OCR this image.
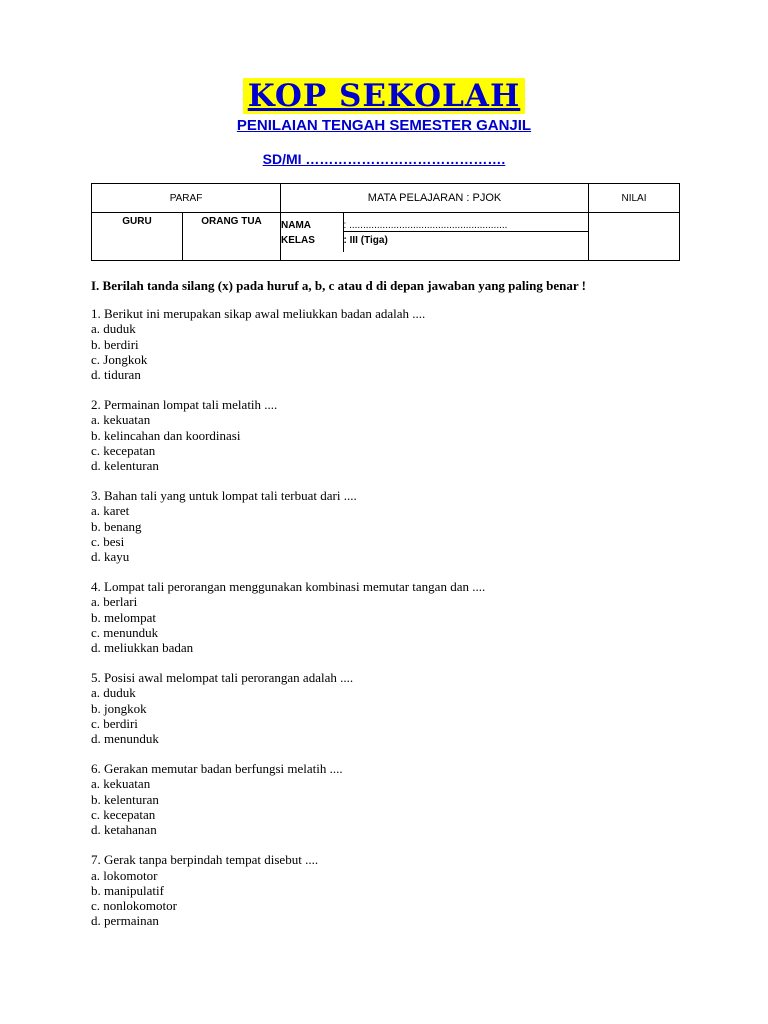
KOP SEKOLAH
PENILAIAN TENGAH SEMESTER GANJIL
SD/MI …………………………………….
PARAF	MATA PELAJARAN : PJOK	NILAI
GURU	ORANG TUA	NAMA	: .........................................................
KELAS	: III (Tiga)

I. Berilah tanda silang (x) pada huruf a, b, c atau d di depan jawaban yang paling benar !
1. Berikut ini merupakan sikap awal meliukkan badan adalah ....
a. duduk
b. berdiri
c. Jongkok
d. tiduran
2. Permainan lompat tali melatih ....
a. kekuatan
b. kelincahan dan koordinasi
c. kecepatan
d. kelenturan
3. Bahan tali yang untuk lompat tali terbuat dari ....
a. karet
b. benang
c. besi
d. kayu
4. Lompat tali perorangan menggunakan kombinasi memutar tangan dan ....
a. berlari
b. melompat
c. menunduk
d. meliukkan badan
5. Posisi awal melompat tali perorangan adalah ....
a. duduk
b. jongkok
c. berdiri
d. menunduk
6. Gerakan memutar badan berfungsi melatih ....
a. kekuatan
b. kelenturan
c. kecepatan
d. ketahanan
7. Gerak tanpa berpindah tempat disebut ....
a. lokomotor
b. manipulatif
c. nonlokomotor
d. permainan
